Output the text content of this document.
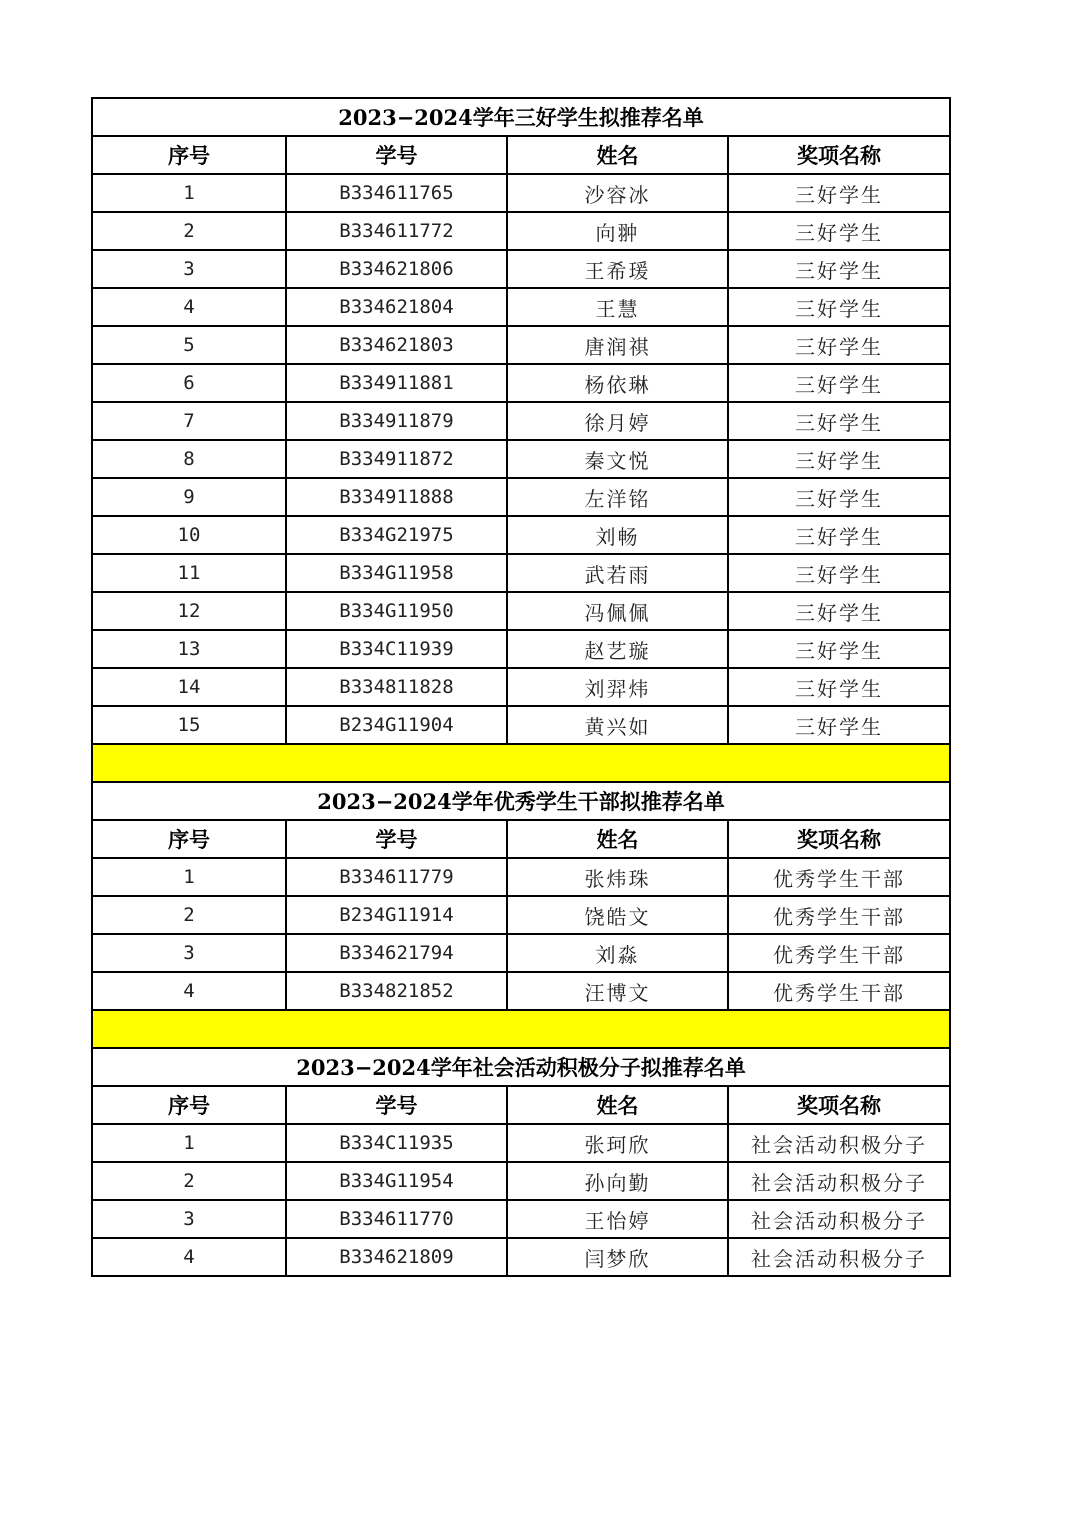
2023−2024学年三好学生拟推荐名单			
序号	学号	姓名	奖项名称
1	B334611765	沙容冰	三好学生
2	B334611772	向翀	三好学生
3	B334621806	王希瑗	三好学生
4	B334621804	王慧	三好学生
5	B334621803	唐润祺	三好学生
6	B334911881	杨依琳	三好学生
7	B334911879	徐月婷	三好学生
8	B334911872	秦文悦	三好学生
9	B334911888	左洋铭	三好学生
10	B334G21975	刘畅	三好学生
11	B334G11958	武若雨	三好学生
12	B334G11950	冯佩佩	三好学生
13	B334C11939	赵艺璇	三好学生
14	B334811828	刘羿炜	三好学生
15	B234G11904	黄兴如	三好学生

2023−2024学年优秀学生干部拟推荐名单			
序号	学号	姓名	奖项名称
1	B334611779	张炜珠	优秀学生干部
2	B234G11914	饶皓文	优秀学生干部
3	B334621794	刘淼	优秀学生干部
4	B334821852	汪博文	优秀学生干部

2023−2024学年社会活动积极分子拟推荐名单			
序号	学号	姓名	奖项名称
1	B334C11935	张珂欣	社会活动积极分子
2	B334G11954	孙向勤	社会活动积极分子
3	B334611770	王怡婷	社会活动积极分子
4	B334621809	闫梦欣	社会活动积极分子
